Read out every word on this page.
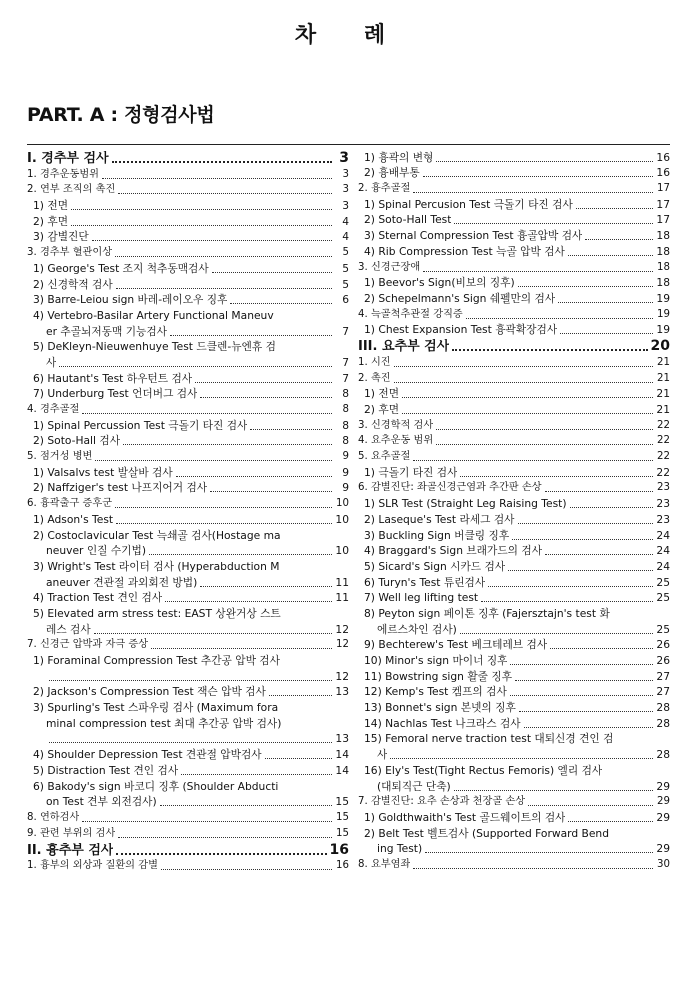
차 례
PART. A : 정형검사법
I. 경추부 검사	3
1. 경추운동범위	3
2. 연부 조직의 촉진	3
1) 전면	3
2) 후면	4
3) 감별진단	4
3. 경추부 혈관이상	5
1) George's Test 조지 척추동맥검사	5
2) 신경학적 검사	5
3) Barre-Leiou sign 바레-레이오우 징후	6
4) Vertebro-Basilar Artery Functional Maneuv
er 추골뇌저동맥 기능검사	7
5) DeKleyn-Nieuwenhuye Test 드클렌-뉴엔휴 검
사	7
6) Hautant's Test 하우턴트 검사	7
7) Underburg Test 언더버그 검사	8
4. 경추골절	8
1) Spinal Percussion Test 극돌기 타진 검사	8
2) Soto-Hall 검사	8
5. 점거성 병변	9
1) Valsalvs test 발살바 검사	9
2) Naffziger's test 나프지어거 검사	9
6. 흉곽출구 증후군	10
1) Adson's Test	10
2) Costoclavicular Test 늑쇄골 검사(Hostage ma
neuver 인질 수기법)	10
3) Wright's Test 라이터 검사 (Hyperabduction M
aneuver 견관절 과외회전 방법)	11
4) Traction Test 견인 검사	11
5) Elevated arm stress test: EAST 상완거상 스트
레스 검사	12
7. 신경근 압박과 자극 증상	12
1) Foraminal Compression Test 추간공 압박 검사
12
2) Jackson's Compression Test 잭슨 압박 검사	13
3) Spurling's Test 스파우링 검사 (Maximum fora
minal compression test 최대 추간공 압박 검사)
13
4) Shoulder Depression Test 견관절 압박검사	14
5) Distraction Test 견인 검사	14
6) Bakody's sign 바코디 징후 (Shoulder Abducti
on Test 견부 외전검사)	15
8. 연하검사	15
9. 관련 부위의 검사	15
II. 흉추부 검사	16
1. 흉부의 외상과 질환의 감별	16
1) 흉곽의 변형	16
2) 흉배부통	16
2. 흉추골절	17
1) Spinal Percusion Test 극돌기 타진 검사	17
2) Soto-Hall Test	17
3) Sternal Compression Test 흉골압박 검사	18
4) Rib Compression Test 늑골 압박 검사	18
3. 신경근장애	18
1) Beevor's Sign(비보의 징후)	18
2) Schepelmann's Sign 쉐펠만의 검사	19
4. 늑골척추관절 강직증	19
1) Chest Expansion Test 흉곽확장검사	19
III. 요추부 검사	20
1. 시진	21
2. 촉진	21
1) 전면	21
2) 후면	21
3. 신경학적 검사	22
4. 요추운동 범위	22
5. 요추골절	22
1) 극돌기 타진 검사	22
6. 감별진단: 좌골신경근염과 추간판 손상	23
1) SLR Test (Straight Leg Raising Test)	23
2) Laseque's Test 라세그 검사	23
3) Buckling Sign 버클링 징후	24
4) Braggard's Sign 브래가드의 검사	24
5) Sicard's Sign 시카드 검사	24
6) Turyn's Test 튜린검사	25
7) Well leg lifting test	25
8) Peyton sign 페이톤 징후 (Fajersztajn's test 화
에르스차인 검사)	25
9) Bechterew's Test 베크테레브 검사	26
10) Minor's sign 마이너 징후	26
11) Bowstring sign 활줄 징후	27
12) Kemp's Test 켐프의 검사	27
13) Bonnet's sign 본넷의 징후	28
14) Nachlas Test 나크라스 검사	28
15) Femoral nerve traction test 대퇴신경 견인 검
사	28
16) Ely's Test(Tight Rectus Femoris) 엘리 검사
(대퇴직근 단축)	29
7. 감별진단: 요추 손상과 천장골 손상	29
1) Goldthwaith's Test 골드웨이트의 검사	29
2) Belt Test 벨트검사 (Supported Forward Bend
ing Test)	29
8. 요부염좌	30
